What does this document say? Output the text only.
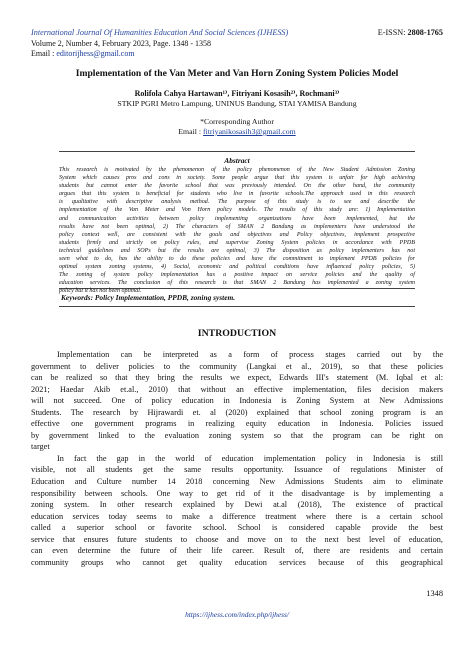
International Journal Of Humanities Education And Social Sciences (IJHESS)	E-ISSN: 2808-1765
Volume 2, Number 4, February 2023, Page. 1348 - 1358
Email : editorijhess@gmail.com
Implementation of the Van Meter and Van Horn Zoning System Policies Model
Rolifola Cahya Hartawan¹⁾, Fitriyani Kosasih²⁾, Rochmani³⁾
STKIP PGRI Metro Lampung, UNINUS Bandung, STAI YAMISA Bandung
*Corresponding Author
Email : fitriyanikosasih3@gmail.com
Abstract
This research is motivated by the phenomenon of the policy phenomenon of the New Student Admission Zoning
System which causes pros and cons in society. Some people argue that this system is unfair for high achieving
students but cannot enter the favorite school that was previously intended. On the other hand, the community
argues that this system is beneficial for students who live in favorite schools.The approach used in this research
is qualitative with descriptive analysis method. The purpose of this study is to see and describe the
implementation of the Van Meter and Von Horn policy models. The results of this study are: 1) Implementation
and communication activities between policy implementing organizations have been implemented, but the
results have not been optimal, 2) The characters of SMAN 2 Bandung as implementers have understood the
policy context well, are consistent with the goals and objectives and Policy objectives, implement prospective
students firmly and strictly on policy rules, and supervise Zoning System policies in accordance with PPDB
technical guidelines and SOPs but the results are optimal, 3) The disposition as policy implementers has not
seen what to do, has the ability to do these policies and have the commitment to implement PPDB policies for
optimal system zoning systems, 4) Social, economic and political conditions have influenced policy policies, 5)
The zoning of system policy implementation has a positive impact on service policies and the quality of
education services. The conclusion of this research is that SMAN 2 Bandung has implemented a zoning system
policy but it has not been optimal.
Keywords: Policy Implementation, PPDB, zoning system.
INTRODUCTION
Implementation can be interpreted as a form of process stages carried out by the
government to deliver policies to the community (Langkai et al., 2019), so that these policies
can be realized so that they bring the results we expect, Edwards III's statement (M. Iqbal et al:
2021; Haedar Akib et.al., 2010) that without an effective implementation, files decision makers
will not succeed. One of policy education in Indonesia is Zoning System at New Admissions
Students. The research by Hijrawardi et. al (2020) explained that school zoning program is an
effective one government programs in realizing equity education in Indonesia. Policies issued
by government linked to the evaluation zoning system so that the program can be right on
target
In fact the gap in the world of education implementation policy in Indonesia is still
visible, not all students get the same results opportunity. Issuance of regulations Minister of
Education and Culture number 14 2018 concerning New Admissions Students aim to eliminate
responsibility between schools. One way to get rid of it the disadvantage is by implementing a
zoning system. In other research explained by Dewi at.al (2018), The existence of practical
education services today seems to make a difference treatment where there is a certain school
called a superior school or favorite school. School is considered capable provide the best
service that ensures future students to choose and move on to the next best level of education,
can even determine the future of their life career. Result of, there are residents and certain
community groups who cannot get quality education services because of this geographical
1348
https://ijhess.com/index.php/ijhess/
